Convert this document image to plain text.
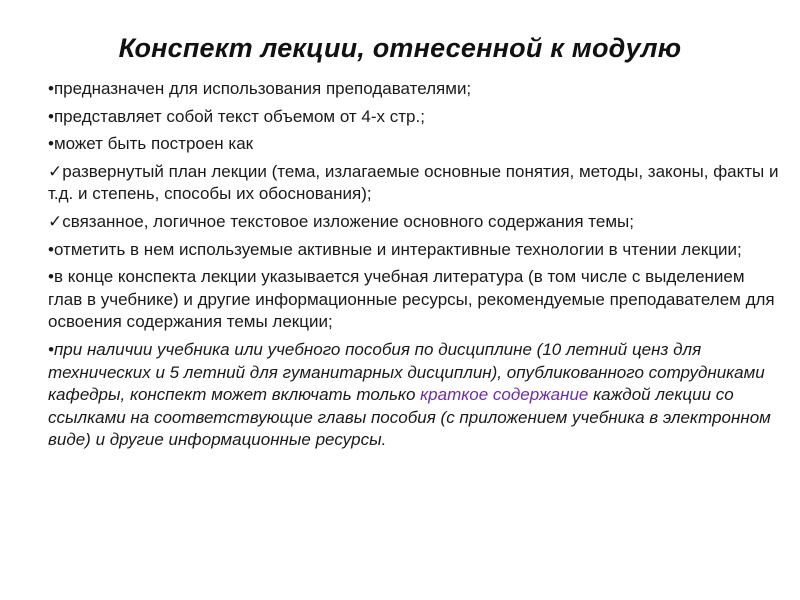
Конспект лекции, отнесенной к модулю
•предназначен для использования преподавателями;
•представляет собой текст объемом от 4-х стр.;
•может быть построен как
✓развернутый план лекции (тема, излагаемые основные понятия, методы, законы, факты и т.д. и степень, способы их обоснования);
✓связанное, логичное текстовое изложение основного содержания темы;
•отметить в нем используемые активные и интерактивные технологии в чтении лекции;
•в конце конспекта лекции указывается учебная литература (в том числе с выделением глав в учебнике) и другие информационные ресурсы, рекомендуемые преподавателем для освоения содержания темы лекции;
•при наличии учебника или учебного пособия по дисциплине (10 летний ценз для технических и 5 летний для гуманитарных дисциплин), опубликованного сотрудниками кафедры, конспект может включать только краткое содержание каждой лекции со ссылками на соответствующие главы пособия (с приложением учебника в электронном виде) и другие информационные ресурсы.
